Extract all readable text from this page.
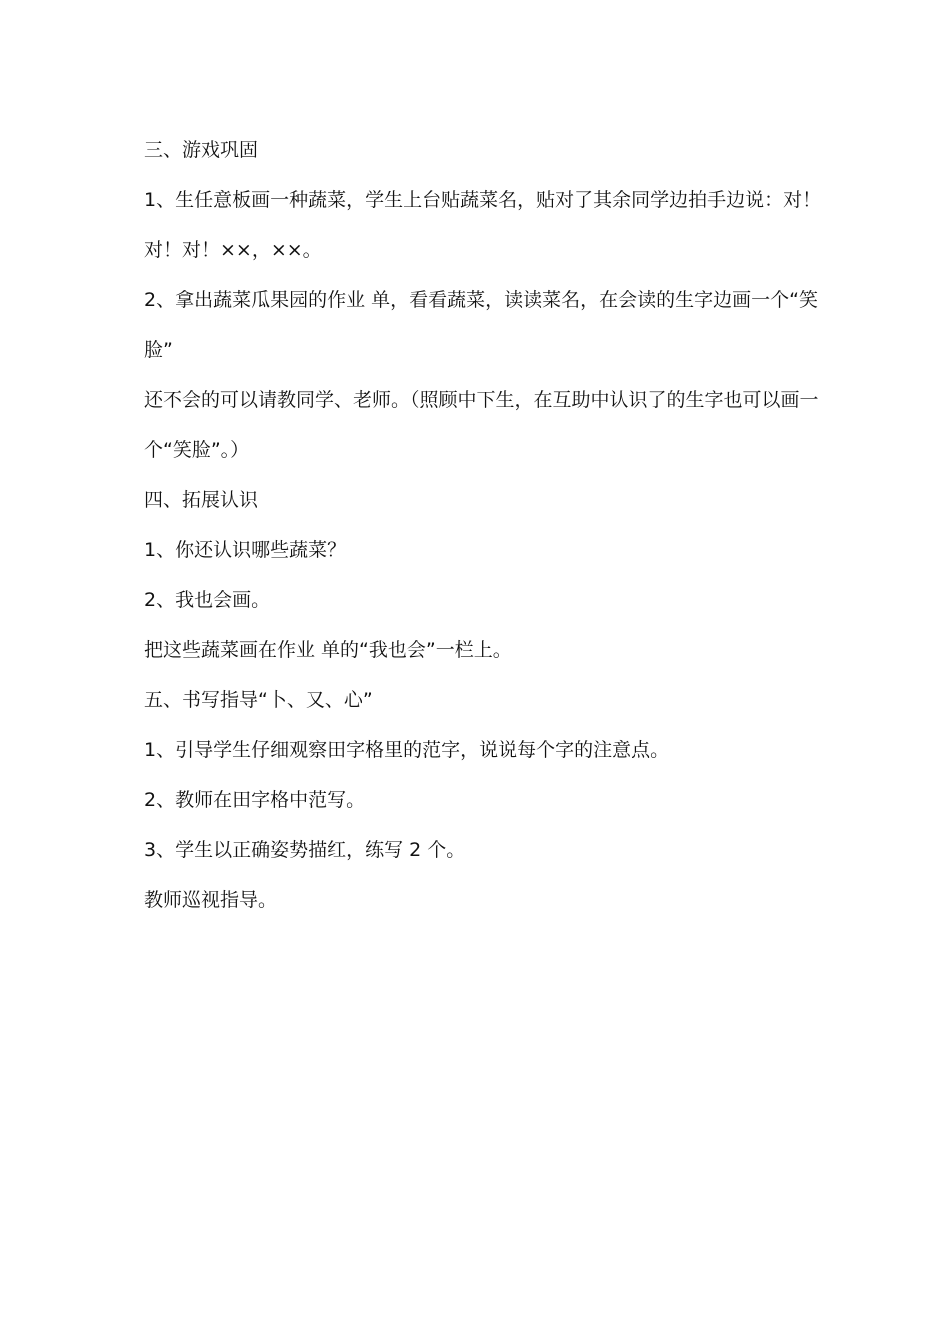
三、游戏巩固
1、生任意板画一种蔬菜，学生上台贴蔬菜名，贴对了其余同学边拍手边说：对！
对！对！××，××。
2、拿出蔬菜瓜果园的作业 单，看看蔬菜，读读菜名，在会读的生字边画一个“笑
脸”
还不会的可以请教同学、老师。（照顾中下生，在互助中认识了的生字也可以画一
个“笑脸”。）
四、拓展认识
1、你还认识哪些蔬菜？
2、我也会画。
把这些蔬菜画在作业 单的“我也会”一栏上。
五、书写指导“卜、又、心”
1、引导学生仔细观察田字格里的范字，说说每个字的注意点。
2、教师在田字格中范写。
3、学生以正确姿势描红，练写 2 个。
教师巡视指导。
